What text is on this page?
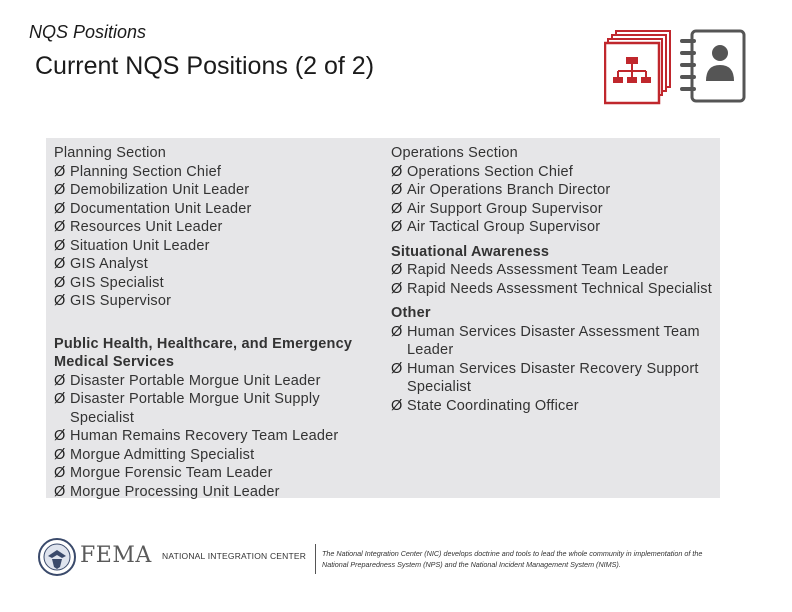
NQS Positions
Current NQS Positions (2 of 2)
Planning Section
Ø Planning Section Chief
Ø Demobilization Unit Leader
Ø Documentation Unit Leader
Ø Resources Unit Leader
Ø Situation Unit Leader
Ø GIS Analyst
Ø GIS Specialist
Ø GIS Supervisor
Public Health, Healthcare, and Emergency Medical Services
Ø Disaster Portable Morgue Unit Leader
Ø Disaster Portable Morgue Unit Supply Specialist
Ø Human Remains Recovery Team Leader
Ø Morgue Admitting Specialist
Ø Morgue Forensic Team Leader
Ø Morgue Processing Unit Leader
Operations Section
Ø Operations Section Chief
Ø Air Operations Branch Director
Ø Air Support Group Supervisor
Ø Air Tactical Group Supervisor
Situational Awareness
Ø Rapid Needs Assessment Team Leader
Ø Rapid Needs Assessment Technical Specialist
Other
Ø Human Services Disaster Assessment Team Leader
Ø Human Services Disaster Recovery Support Specialist
Ø State Coordinating Officer
FEMA NATIONAL INTEGRATION CENTER The National Integration Center (NIC) develops doctrine and tools to lead the whole community in implementation of the National Preparedness System (NPS) and the National Incident Management System (NIMS).
